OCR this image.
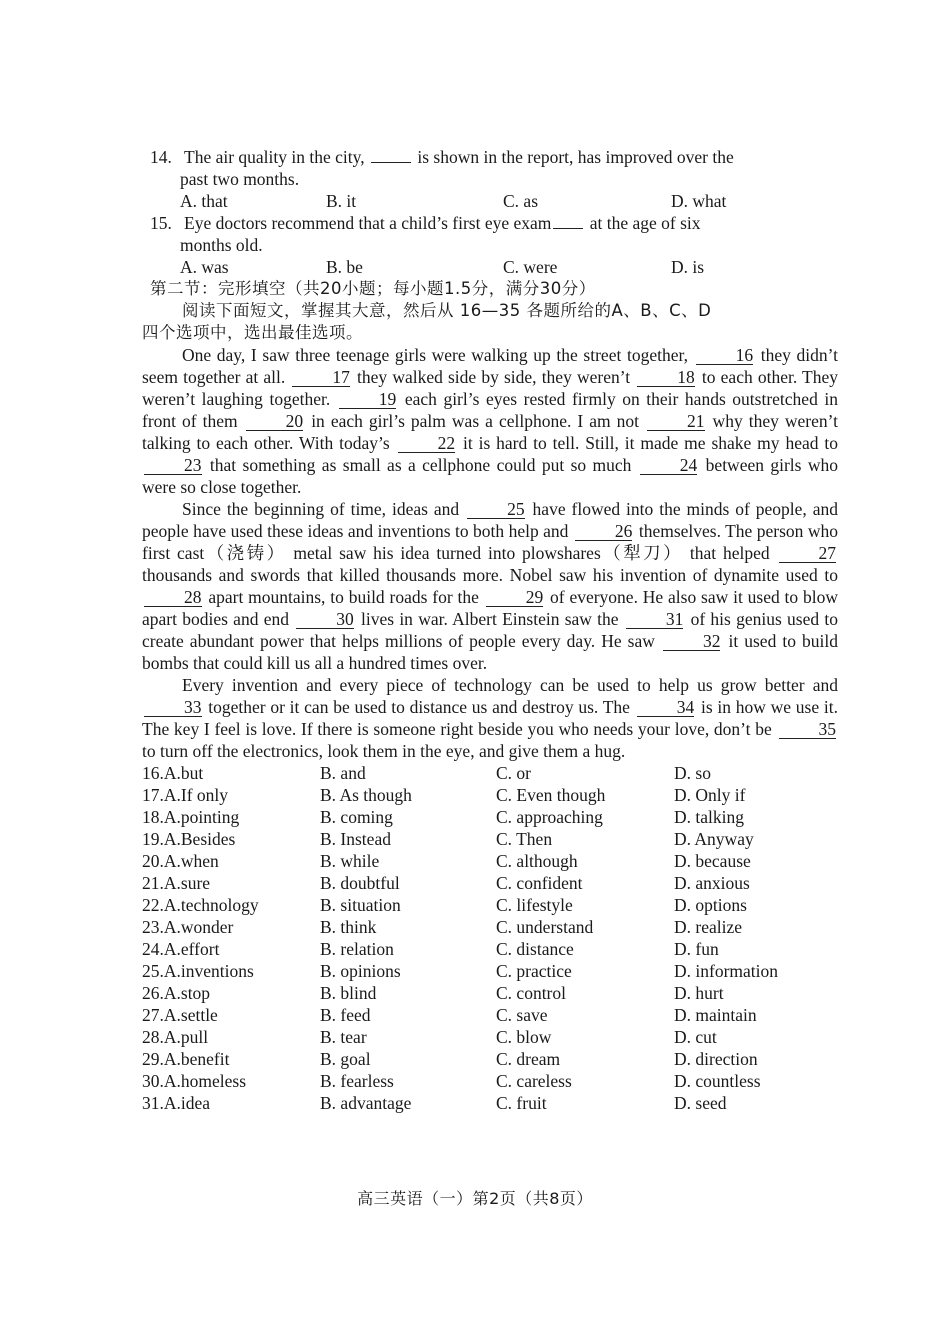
14. The air quality in the city,	is shown in the report, has improved over the

past two months.

A. that	B. it	C. as	D. what

15. Eye doctors recommend that a child’s first eye exam at the age of six

months old.

A. was	B. be	C. were	D. is

第二节：完形填空（共20小题；每小题1.5分，满分30分）

阅读下面短文，掌握其大意，然后从 16—35 各题所给的A、B、C、D

四个选项中，选出最佳选项。

One day, I saw three teenage girls were walking up the street together, 16 they didn’t seem together at all. 17 they walked side by side, they weren’t 18 to each other. They weren’t laughing together. 19 each girl’s eyes rested firmly on their hands outstretched in front of them 20 in each girl’s palm was a cellphone. I am not 21 why they weren’t talking to each other. With today’s 22 it is hard to tell. Still, it made me shake my head to 23 that something as small as a cellphone could put so much 24 between girls who were so close together.

Since the beginning of time, ideas and 25 have flowed into the minds of people, and people have used these ideas and inventions to both help and 26 themselves. The person who first cast（浇铸） metal saw his idea turned into plowshares（犁刀） that helped 27 thousands and swords that killed thousands more. Nobel saw his invention of dynamite used to 28 apart mountains, to build roads for the 29 of everyone. He also saw it used to blow apart bodies and end 30 lives in war. Albert Einstein saw the 31 of his genius used to create abundant power that helps millions of people every day. He saw 32 it used to build bombs that could kill us all a hundred times over.

Every invention and every piece of technology can be used to help us grow better and 33 together or it can be used to distance us and destroy us. The 34 is in how we use it. The key I feel is love. If there is someone right beside you who needs your love, don’t be 35 to turn off the electronics, look them in the eye, and give them a hug.

16.A.but	B. and	C. or	D. so
17.A.If only	B. As though	C. Even though	D. Only if
18.A.pointing	B. coming	C. approaching	D. talking
19.A.Besides	B. Instead	C. Then	D. Anyway
20.A.when	B. while	C. although	D. because
21.A.sure	B. doubtful	C. confident	D. anxious
22.A.technology	B. situation	C. lifestyle	D. options
23.A.wonder	B. think	C. understand	D. realize
24.A.effort	B. relation	C. distance	D. fun
25.A.inventions	B. opinions	C. practice	D. information
26.A.stop	B. blind	C. control	D. hurt
27.A.settle	B. feed	C. save	D. maintain
28.A.pull	B. tear	C. blow	D. cut
29.A.benefit	B. goal	C. dream	D. direction
30.A.homeless	B. fearless	C. careless	D. countless
31.A.idea	B. advantage	C. fruit	D. seed
高三英语（一）第2页（共8页）
